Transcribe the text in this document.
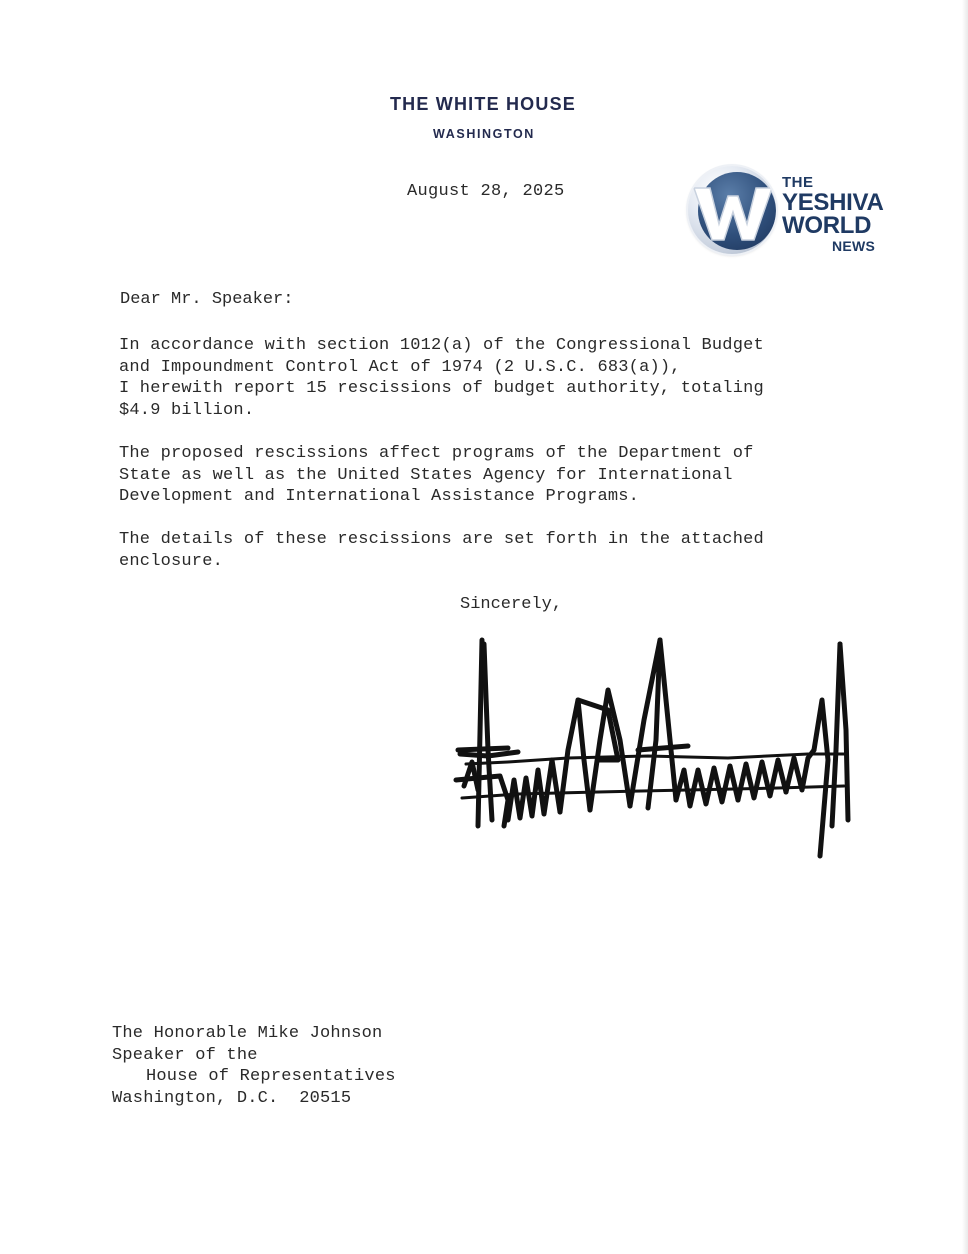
THE WHITE HOUSE
WASHINGTON
THE
YESHIVA
WORLD
NEWS
August 28, 2025
Dear Mr. Speaker:
In accordance with section 1012(a) of the Congressional Budget
and Impoundment Control Act of 1974 (2 U.S.C. 683(a)),
I herewith report 15 rescissions of budget authority, totaling
$4.9 billion.
The proposed rescissions affect programs of the Department of
State as well as the United States Agency for International
Development and International Assistance Programs.
The details of these rescissions are set forth in the attached
enclosure.
Sincerely,
The Honorable Mike Johnson
Speaker of the
House of Representatives
Washington, D.C.  20515
